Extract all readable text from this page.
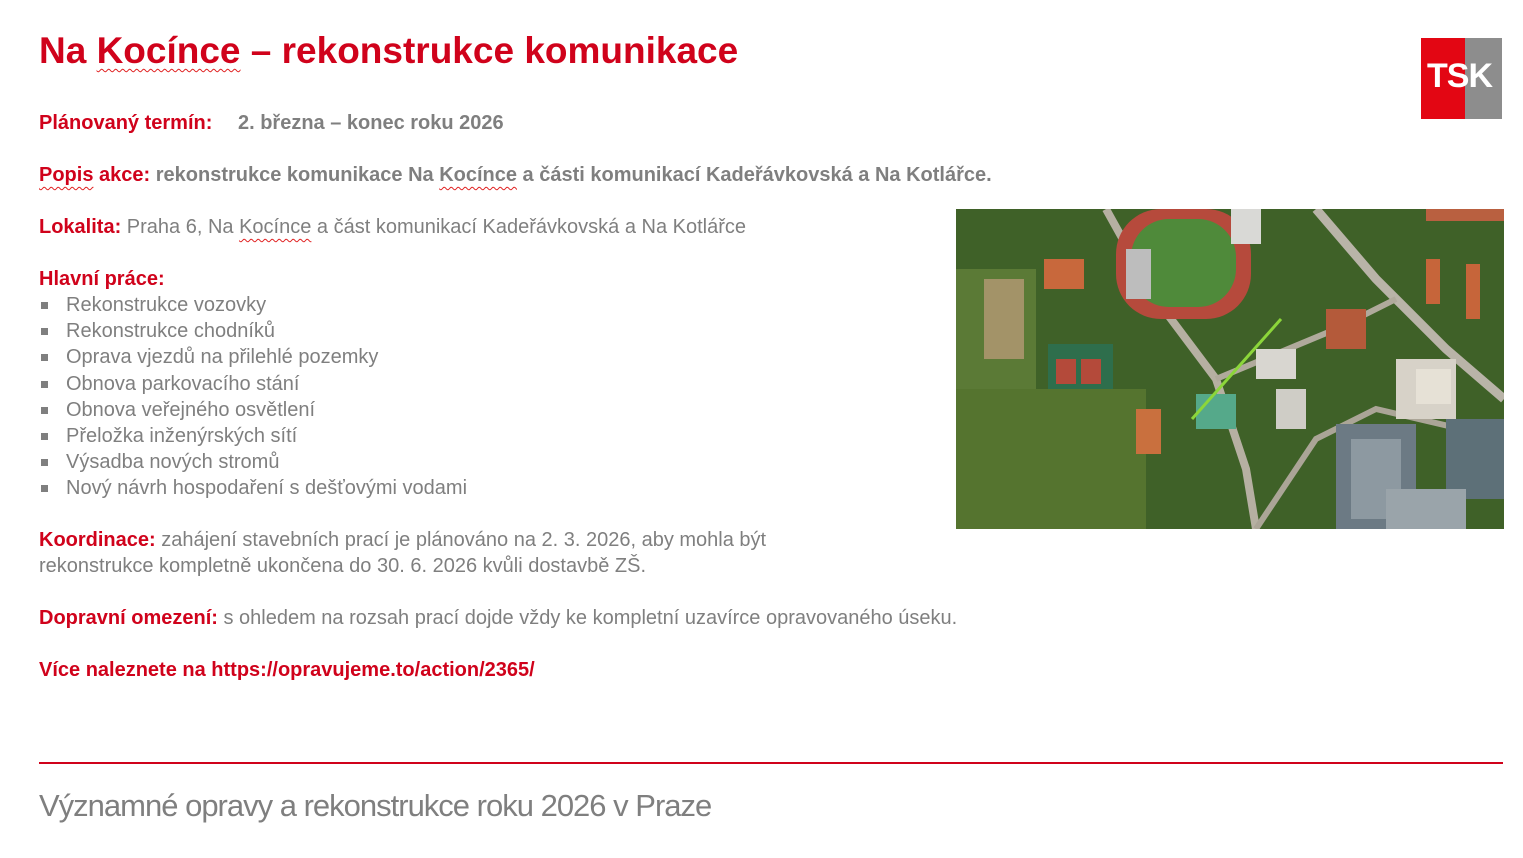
Na Kocínce – rekonstrukce komunikace
TSK
Plánovaný termín: 2. března – konec roku 2026
Popis akce: rekonstrukce komunikace Na Kocínce a části komunikací Kadeřávkovská a Na Kotlářce.
Lokalita: Praha 6, Na Kocínce a část komunikací Kadeřávkovská a Na Kotlářce
Hlavní práce:
Rekonstrukce vozovky
Rekonstrukce chodníků
Oprava vjezdů na přilehlé pozemky
Obnova parkovacího stání
Obnova veřejného osvětlení
Přeložka inženýrských sítí
Výsadba nových stromů
Nový návrh hospodaření s dešťovými vodami
Koordinace: zahájení stavebních prací je plánováno na 2. 3. 2026, aby mohla být
rekonstrukce kompletně ukončena do 30. 6. 2026 kvůli dostavbě ZŠ.
Dopravní omezení: s ohledem na rozsah prací dojde vždy ke kompletní uzavírce opravovaného úseku.
Více naleznete na https://opravujeme.to/action/2365/
Významné opravy a rekonstrukce roku 2026 v Praze
